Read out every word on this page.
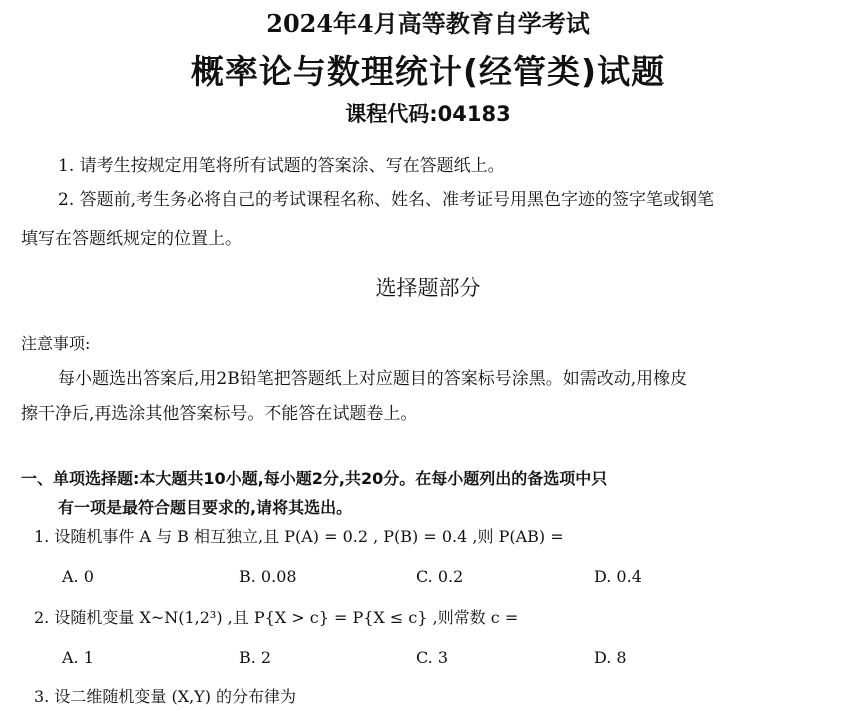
2024年4月高等教育自学考试
概率论与数理统计(经管类)试题
课程代码:04183
1. 请考生按规定用笔将所有试题的答案涂、写在答题纸上。
2. 答题前,考生务必将自己的考试课程名称、姓名、准考证号用黑色字迹的签字笔或钢笔
填写在答题纸规定的位置上。
选择题部分
注意事项:
每小题选出答案后,用2B铅笔把答题纸上对应题目的答案标号涂黑。如需改动,用橡皮
擦干净后,再选涂其他答案标号。不能答在试题卷上。
一、单项选择题:本大题共10小题,每小题2分,共20分。在每小题列出的备选项中只
有一项是最符合题目要求的,请将其选出。
1. 设随机事件 A 与 B 相互独立,且 P(A) = 0.2 , P(B) = 0.4 ,则 P(AB) =
A. 0	B. 0.08	C. 0.2	D. 0.4
2. 设随机变量 X~N(1,2³) ,且 P{X > c} = P{X ≤ c} ,则常数 c =
A. 1	B. 2	C. 3	D. 8
3. 设二维随机变量 (X,Y) 的分布律为
